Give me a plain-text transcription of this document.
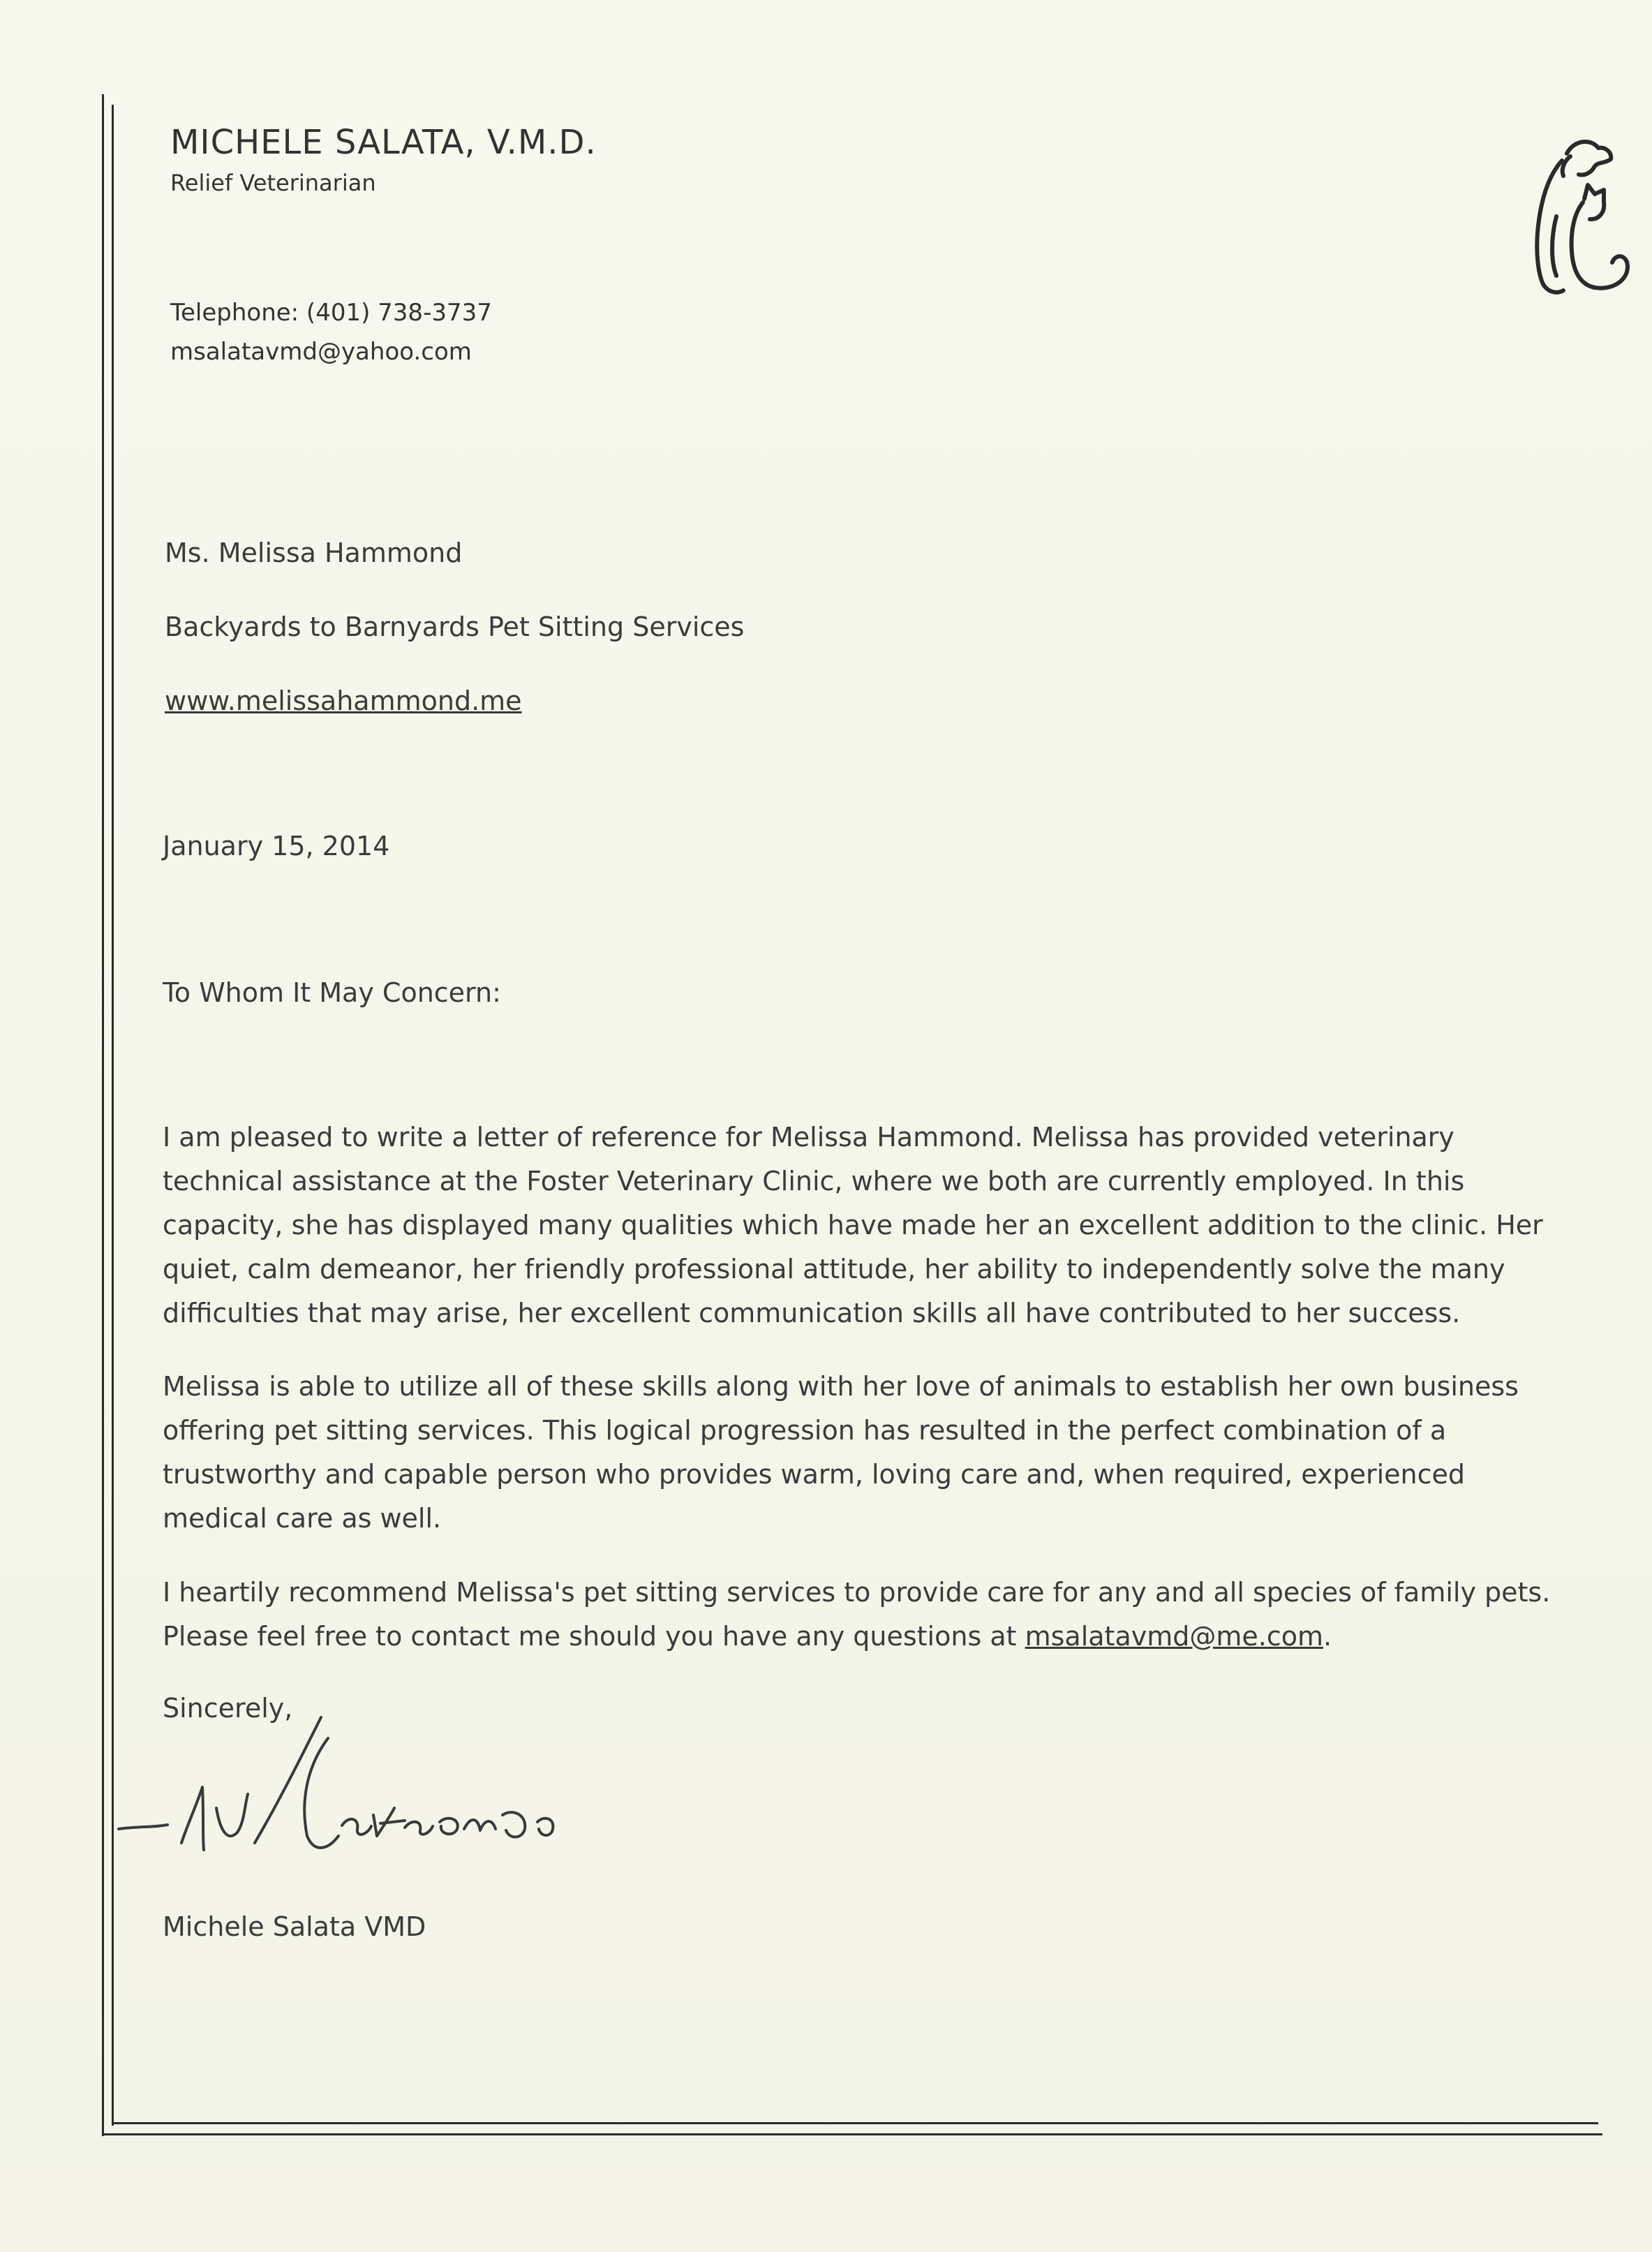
MICHELE SALATA, V.M.D.
Relief Veterinarian
Telephone: (401) 738-3737
msalatavmd@yahoo.com
Ms. Melissa Hammond
Backyards to Barnyards Pet Sitting Services
www.melissahammond.me
January 15, 2014
To Whom It May Concern:
I am pleased to write a letter of reference for Melissa Hammond. Melissa has provided veterinary
technical assistance at the Foster Veterinary Clinic, where we both are currently employed. In this
capacity, she has displayed many qualities which have made her an excellent addition to the clinic. Her
quiet, calm demeanor, her friendly professional attitude, her ability to independently solve the many
difficulties that may arise, her excellent communication skills all have contributed to her success.
Melissa is able to utilize all of these skills along with her love of animals to establish her own business
offering pet sitting services. This logical progression has resulted in the perfect combination of a
trustworthy and capable person who provides warm, loving care and, when required, experienced
medical care as well.
I heartily recommend Melissa's pet sitting services to provide care for any and all species of family pets.
Please feel free to contact me should you have any questions at msalatavmd@me.com.
Sincerely,
Michele Salata VMD
